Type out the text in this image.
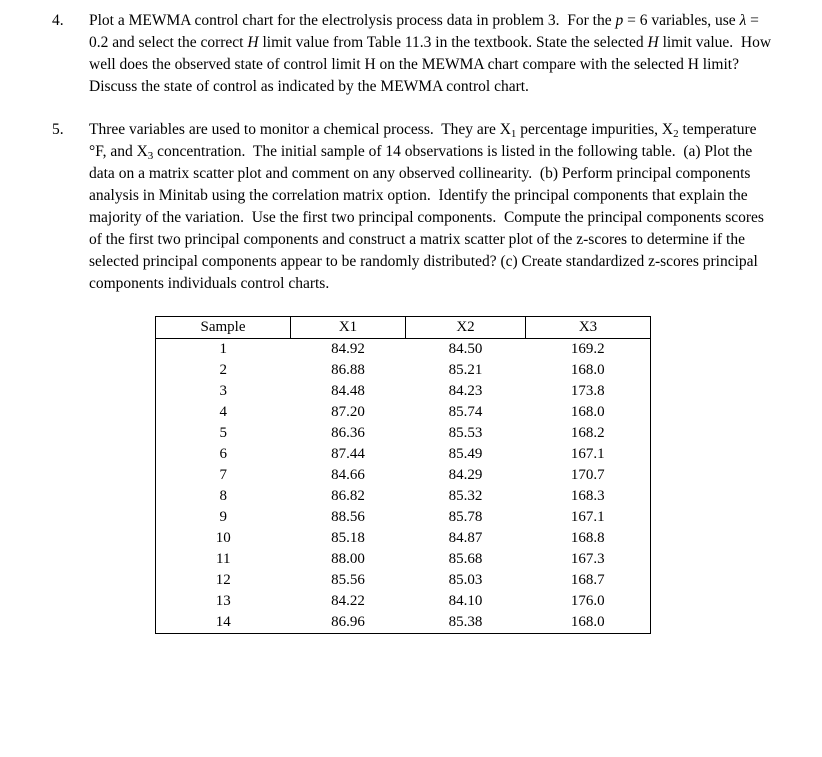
4.	Plot a MEWMA control chart for the electrolysis process data in problem 3.  For the p = 6 variables, use λ = 0.2 and select the correct H limit value from Table 11.3 in the textbook. State the selected H limit value.  How well does the observed state of control limit H on the MEWMA chart compare with the selected H limit?  Discuss the state of control as indicated by the MEWMA control chart.

5.	Three variables are used to monitor a chemical process.  They are $X_1$ percentage impurities, $X_2$ temperature °F, and $X_3$ concentration.  The initial sample of 14 observations is listed in the following table.  (a) Plot the data on a matrix scatter plot and comment on any observed collinearity.  (b) Perform principal components analysis in Minitab using the correlation matrix option.  Identify the principal components that explain the majority of the variation.  Use the first two principal components.  Compute the principal components scores of the first two principal components and construct a matrix scatter plot of the z-scores to determine if the selected principal components appear to be randomly distributed? (c) Create standardized z-scores principal components individuals control charts.

Sample	X1	X2	X3
1	84.92	84.50	169.2
2	86.88	85.21	168.0
3	84.48	84.23	173.8
4	87.20	85.74	168.0
5	86.36	85.53	168.2
6	87.44	85.49	167.1
7	84.66	84.29	170.7
8	86.82	85.32	168.3
9	88.56	85.78	167.1
10	85.18	84.87	168.8
11	88.00	85.68	167.3
12	85.56	85.03	168.7
13	84.22	84.10	176.0
14	86.96	85.38	168.0
